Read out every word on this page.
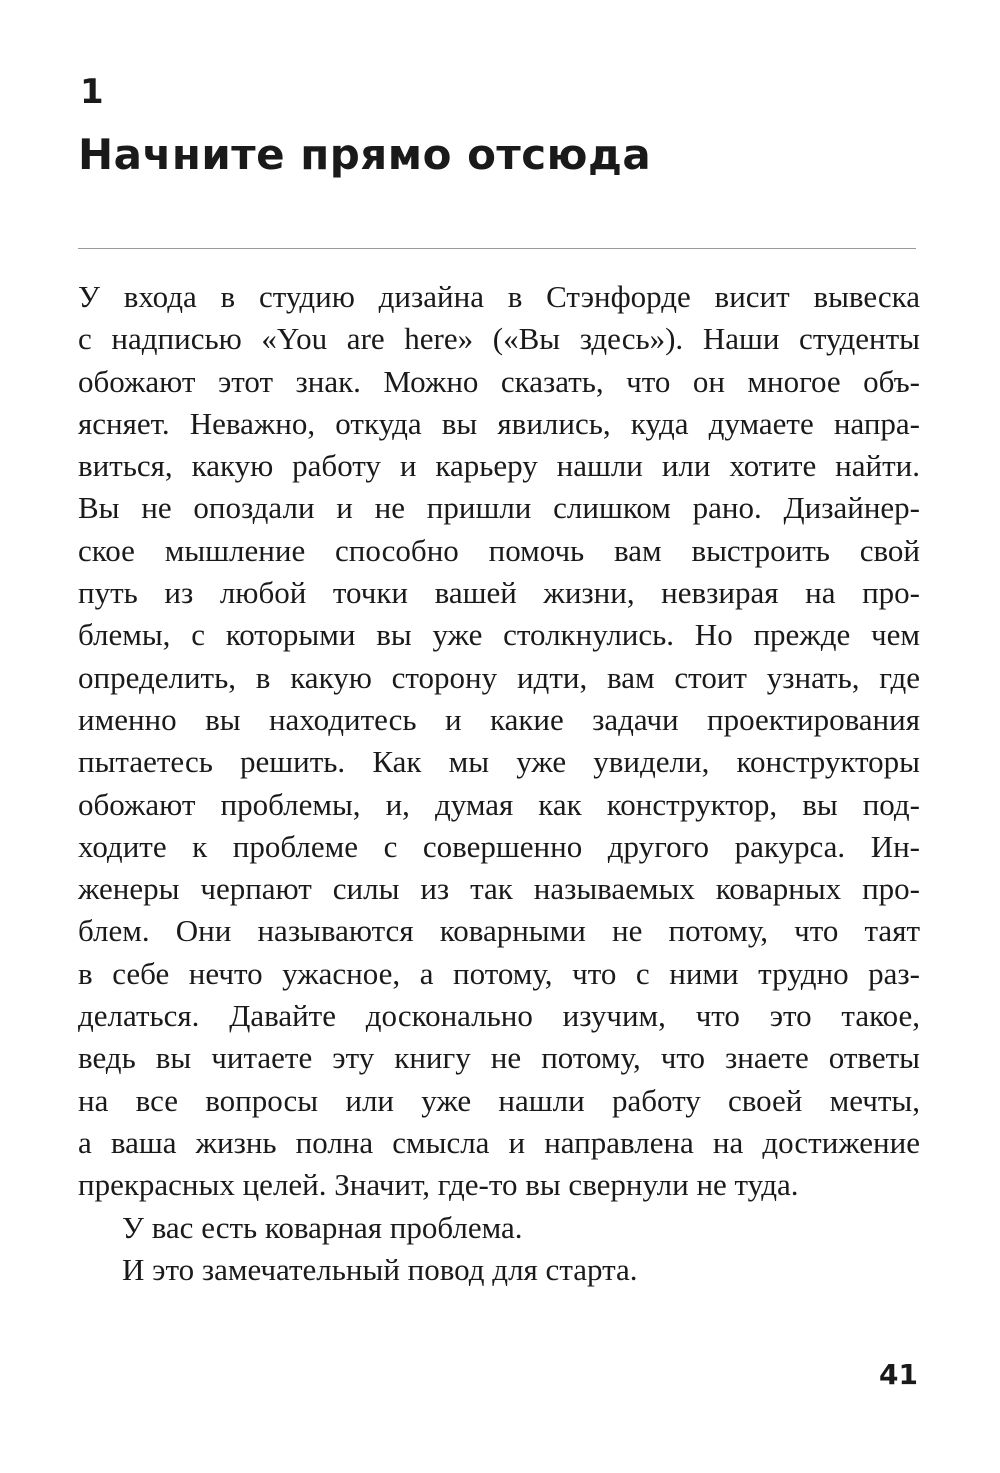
1
Начните прямо отсюда
У входа в студию дизайна в Стэнфорде висит вывеска
с надписью «You are here» («Вы здесь»). Наши студенты
обожают этот знак. Можно сказать, что он многое объ-
ясняет. Неважно, откуда вы явились, куда думаете напра-
виться, какую работу и карьеру нашли или хотите найти.
Вы не опоздали и не пришли слишком рано. Дизайнер-
ское мышление способно помочь вам выстроить свой
путь из любой точки вашей жизни, невзирая на про-
блемы, с которыми вы уже столкнулись. Но прежде чем
определить, в какую сторону идти, вам стоит узнать, где
именно вы находитесь и какие задачи проектирования
пытаетесь решить. Как мы уже увидели, конструкторы
обожают проблемы, и, думая как конструктор, вы под-
ходите к проблеме с совершенно другого ракурса. Ин-
женеры черпают силы из так называемых коварных про-
блем. Они называются коварными не потому, что таят
в себе нечто ужасное, а потому, что с ними трудно раз-
делаться. Давайте досконально изучим, что это такое,
ведь вы читаете эту книгу не потому, что знаете ответы
на все вопросы или уже нашли работу своей мечты,
а ваша жизнь полна смысла и направлена на достижение
прекрасных целей. Значит, где-то вы свернули не туда.
У вас есть коварная проблема.
И это замечательный повод для старта.
41
